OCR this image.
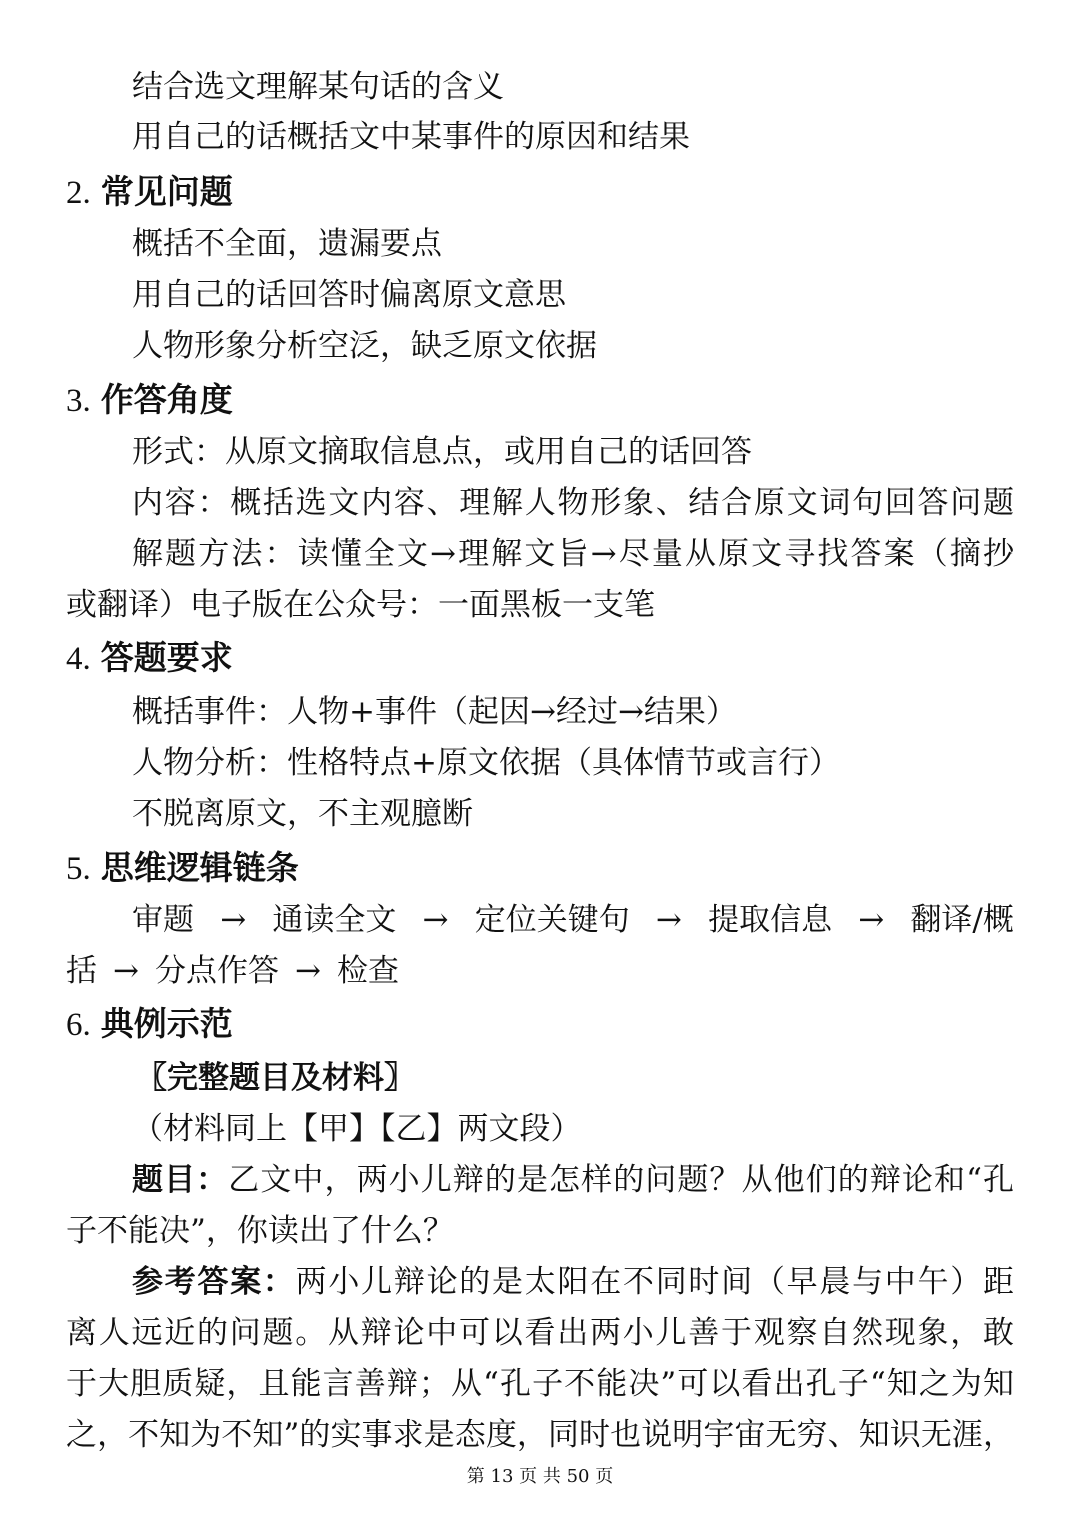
结合选文理解某句话的含义
用自己的话概括文中某事件的原因和结果
2. 常见问题
概括不全面，遗漏要点
用自己的话回答时偏离原文意思
人物形象分析空泛，缺乏原文依据
3. 作答角度
形式：从原文摘取信息点，或用自己的话回答
内容：概括选文内容、理解人物形象、结合原文词句回答问题
解题方法：读懂全文→理解文旨→尽量从原文寻找答案（摘抄
或翻译）电子版在公众号：一面黑板一支笔
4. 答题要求
概括事件：人物+事件（起因→经过→结果）
人物分析：性格特点+原文依据（具体情节或言行）
不脱离原文，不主观臆断
5. 思维逻辑链条
审题 → 通读全文 → 定位关键句 → 提取信息 → 翻译/概
括 → 分点作答 → 检查
6. 典例示范
〖完整题目及材料〗
（材料同上【甲】【乙】两文段）
题目：乙文中，两小儿辩的是怎样的问题？从他们的辩论和“孔
子不能决”，你读出了什么？
参考答案：两小儿辩论的是太阳在不同时间（早晨与中午）距
离人远近的问题。从辩论中可以看出两小儿善于观察自然现象，敢
于大胆质疑，且能言善辩；从“孔子不能决”可以看出孔子“知之为知
之，不知为不知”的实事求是态度，同时也说明宇宙无穷、知识无涯，
第 13 页 共 50 页
